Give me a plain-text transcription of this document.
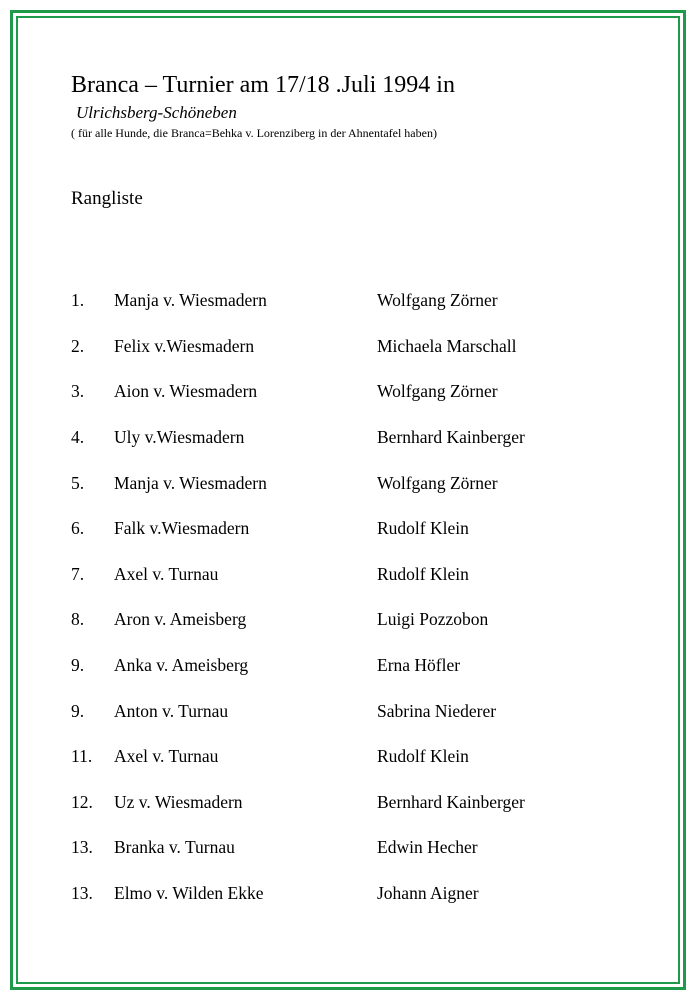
Branca – Turnier am 17/18 .Juli 1994 in
Ulrichsberg-Schöneben
( für alle Hunde, die Branca=Behka v. Lorenziberg in der Ahnentafel haben)
Rangliste
1. Manja v. Wiesmadern	Wolfgang Zörner
2. Felix v.Wiesmadern	Michaela Marschall
3. Aion v. Wiesmadern	Wolfgang Zörner
4. Uly v.Wiesmadern	Bernhard Kainberger
5. Manja v. Wiesmadern	Wolfgang Zörner
6. Falk v.Wiesmadern	Rudolf Klein
7. Axel v. Turnau	Rudolf Klein
8. Aron v. Ameisberg	Luigi Pozzobon
9. Anka v. Ameisberg	Erna Höfler
9. Anton v. Turnau	Sabrina Niederer
11. Axel v. Turnau	Rudolf Klein
12. Uz v. Wiesmadern	Bernhard Kainberger
13. Branka v. Turnau	Edwin Hecher
13. Elmo v. Wilden Ekke	Johann Aigner
